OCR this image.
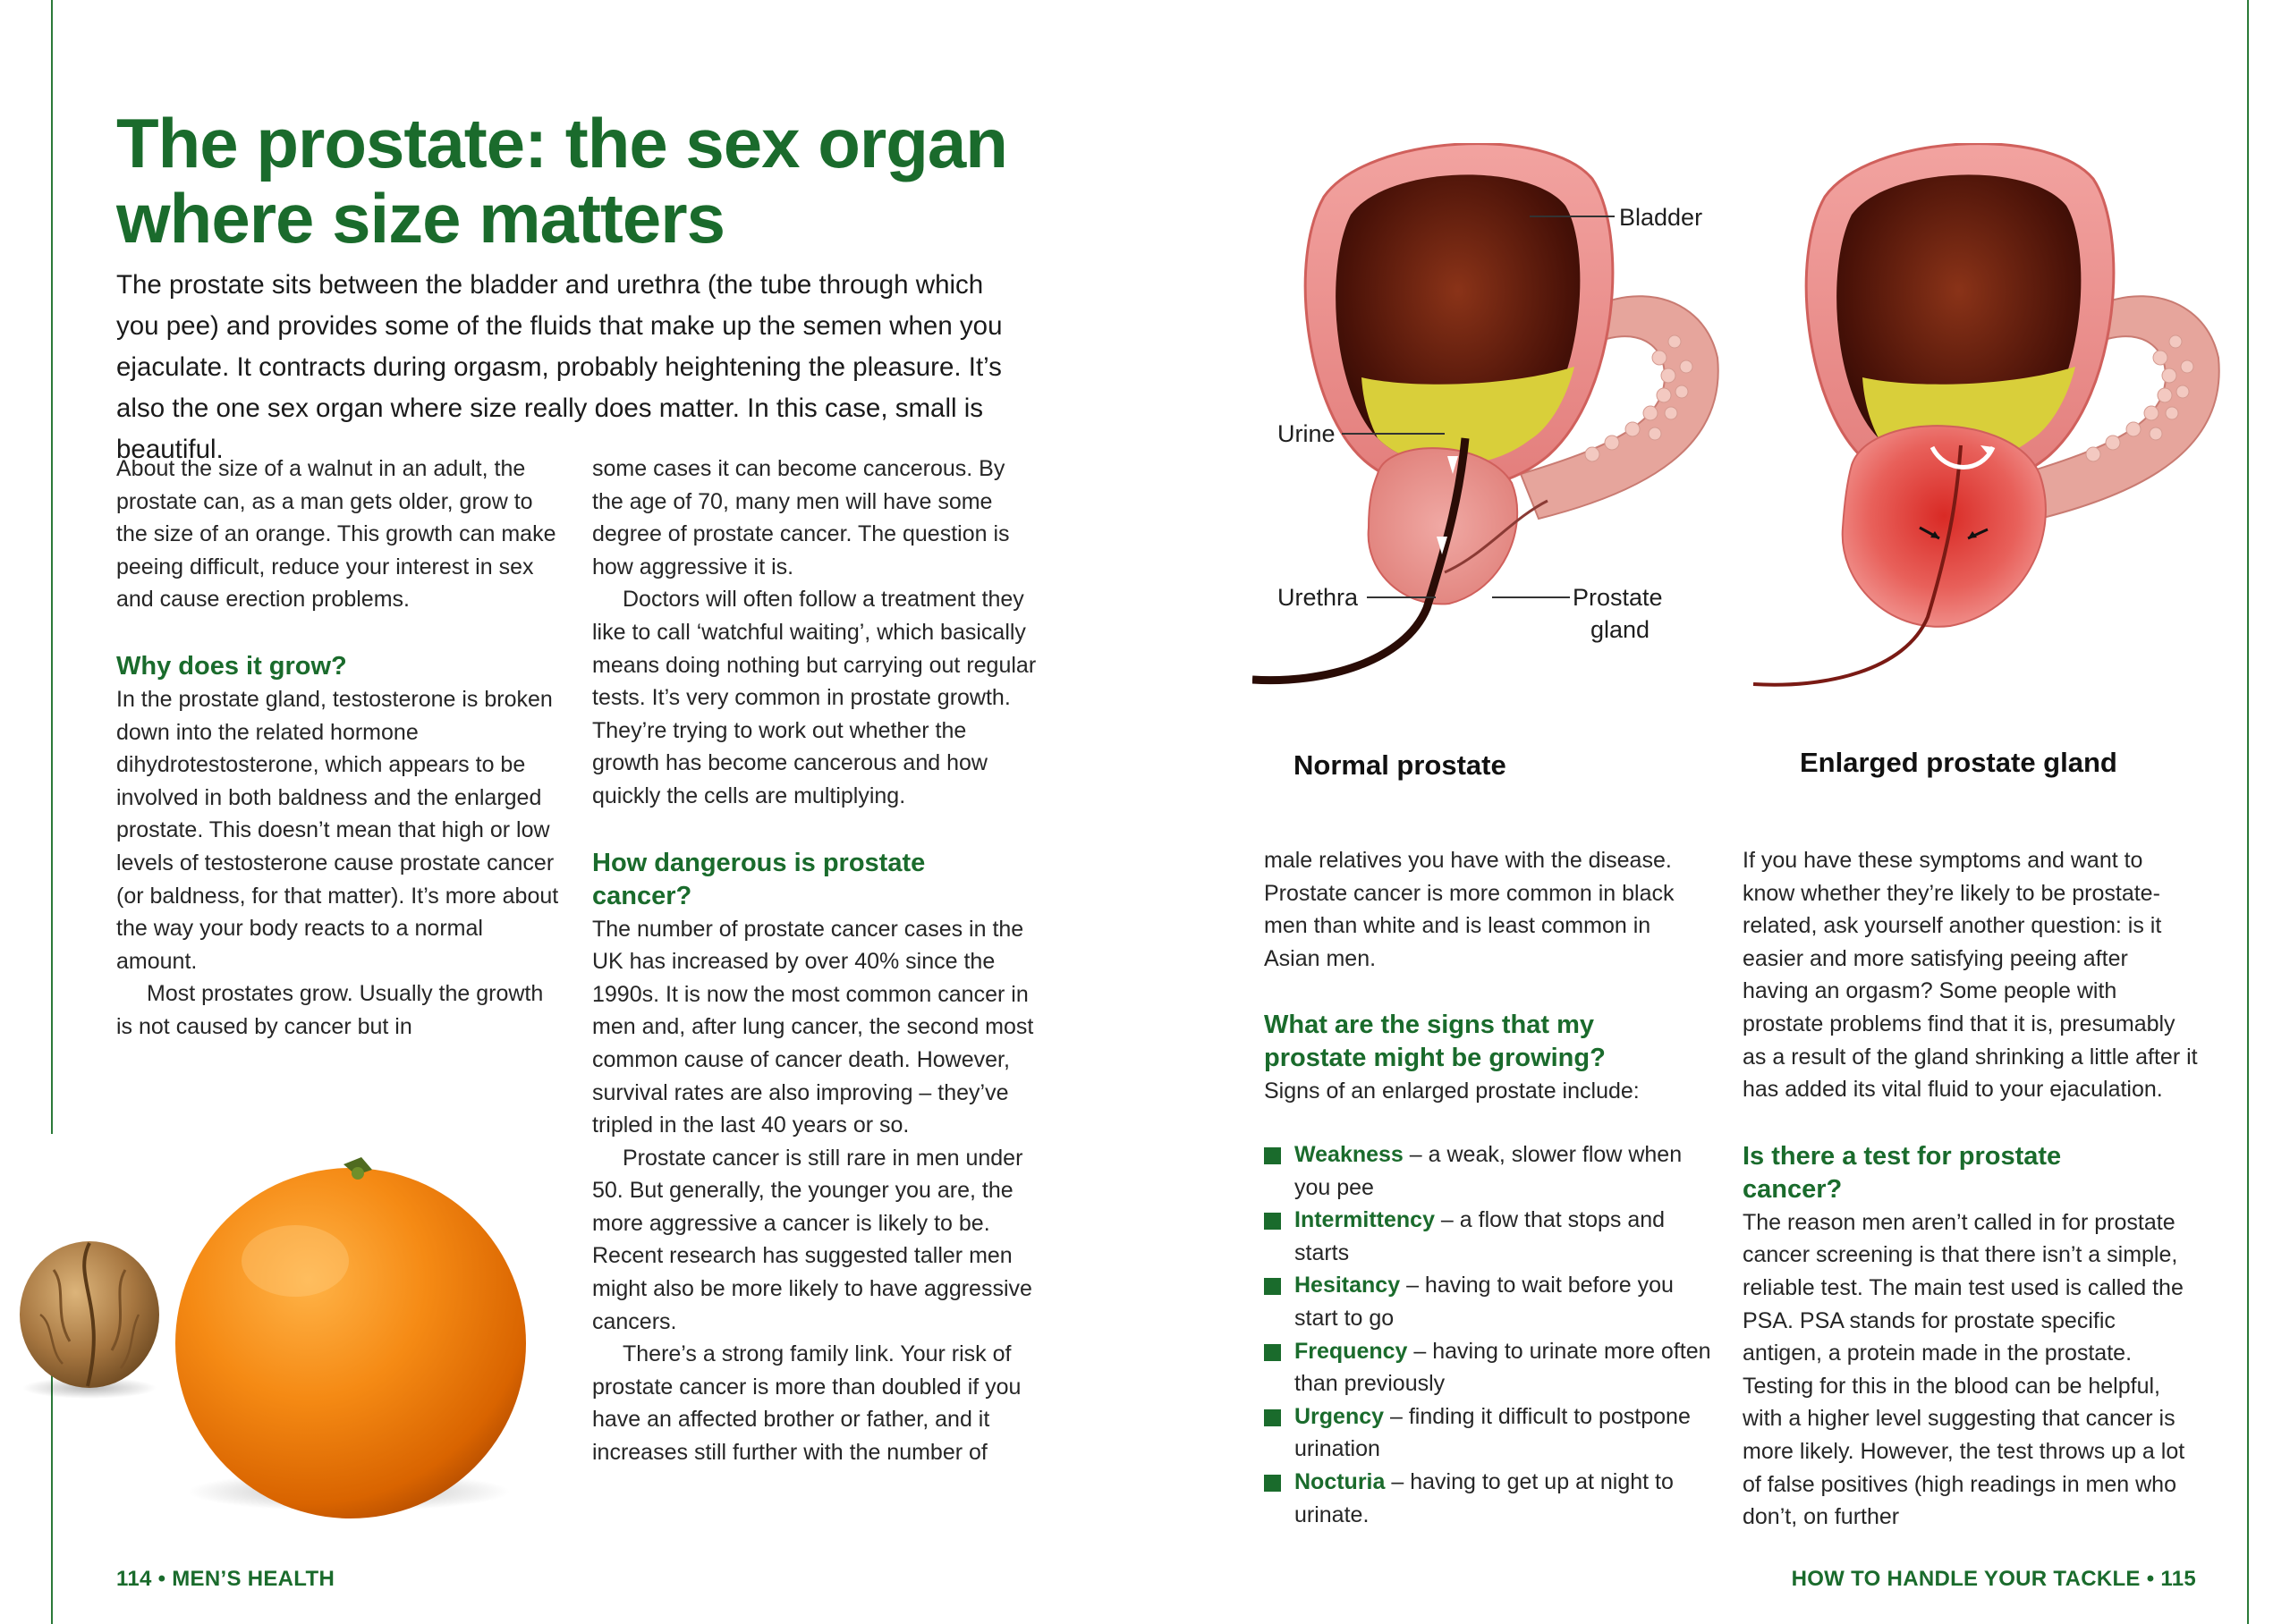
The prostate: the sex organ where size matters

The prostate sits between the bladder and urethra (the tube through which you pee) and provides some of the fluids that make up the semen when you ejaculate. It contracts during orgasm, probably heightening the pleasure. It’s also the one sex organ where size really does matter. In this case, small is beautiful.

About the size of a walnut in an adult, the prostate can, as a man gets older, grow to the size of an orange. This growth can make peeing difficult, reduce your interest in sex and cause erection problems.

Why does it grow?

In the prostate gland, testosterone is broken down into the related hormone dihydrotestosterone, which appears to be involved in both baldness and the enlarged prostate. This doesn’t mean that high or low levels of testosterone cause prostate cancer (or baldness, for that matter). It’s more about the way your body reacts to a normal amount.

Most prostates grow. Usually the growth is not caused by cancer but in

some cases it can become cancerous. By the age of 70, many men will have some degree of prostate cancer. The question is how aggressive it is.

Doctors will often follow a treatment they like to call ‘watchful waiting’, which basically means doing nothing but carrying out regular tests. It’s very common in prostate growth. They’re trying to work out whether the growth has become cancerous and how quickly the cells are multiplying.

How dangerous is prostate cancer?

The number of prostate cancer cases in the UK has increased by over 40% since the 1990s. It is now the most common cancer in men and, after lung cancer, the second most common cause of cancer death. However, survival rates are also improving – they’ve tripled in the last 40 years or so.

Prostate cancer is still rare in men under 50. But generally, the younger you are, the more aggressive a cancer is likely to be. Recent research has suggested taller men might also be more likely to have aggressive cancers.

There’s a strong family link. Your risk of prostate cancer is more than doubled if you have an affected brother or father, and it increases still further with the number of

male relatives you have with the disease. Prostate cancer is more common in black men than white and is least common in Asian men.

What are the signs that my prostate might be growing?

Signs of an enlarged prostate include:

Weakness – a weak, slower flow when you pee
Intermittency – a flow that stops and starts
Hesitancy – having to wait before you start to go
Frequency – having to urinate more often than previously
Urgency – finding it difficult to postpone urination
Nocturia – having to get up at night to urinate.

If you have these symptoms and want to know whether they’re likely to be prostate-related, ask yourself another question: is it easier and more satisfying peeing after having an orgasm? Some people with prostate problems find that it is, presumably as a result of the gland shrinking a little after it has added its vital fluid to your ejaculation.

Is there a test for prostate cancer?

The reason men aren’t called in for prostate cancer screening is that there isn’t a simple, reliable test. The main test used is called the PSA. PSA stands for prostate specific antigen, a protein made in the prostate. Testing for this in the blood can be helpful, with a higher level suggesting that cancer is more likely. However, the test throws up a lot of false positives (high readings in men who don’t, on further

Bladder
Urine
Urethra	Prostate
gland
Normal prostate	Enlarged prostate gland
114 • MEN’S HEALTH	HOW TO HANDLE YOUR TACKLE • 115
